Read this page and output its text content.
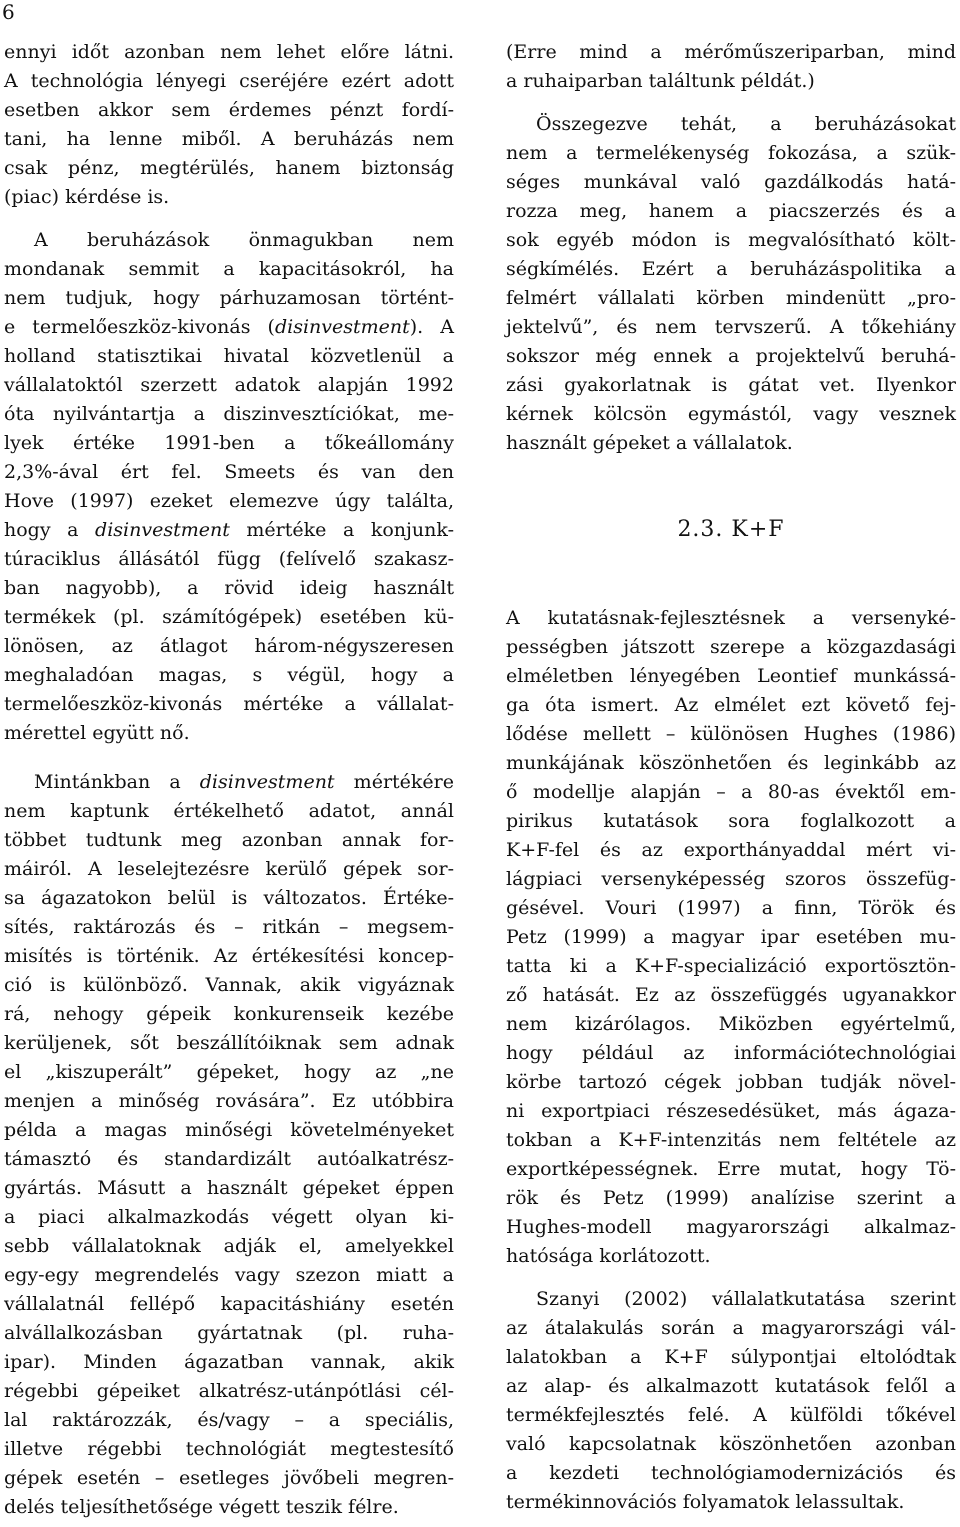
6
ennyi időt azonban nem lehet előre látni.
A technológia lényegi cseréjére ezért adott
esetben akkor sem érdemes pénzt fordí-
tani, ha lenne miből. A beruházás nem
csak pénz, megtérülés, hanem biztonság
(piac) kérdése is.
A beruházások önmagukban nem
mondanak semmit a kapacitásokról, ha
nem tudjuk, hogy párhuzamosan történt-
e termelőeszköz-kivonás (disinvestment). A
holland statisztikai hivatal közvetlenül a
vállalatoktól szerzett adatok alapján 1992
óta nyilvántartja a diszinvesztíciókat, me-
lyek értéke 1991-ben a tőkeállomány
2,3%-ával ért fel. Smeets és van den
Hove (1997) ezeket elemezve úgy találta,
hogy a disinvestment mértéke a konjunk-
túraciklus állásától függ (felívelő szakasz-
ban nagyobb), a rövid ideig használt
termékek (pl. számítógépek) esetében kü-
lönösen, az átlagot három-négyszeresen
meghaladóan magas, s végül, hogy a
termelőeszköz-kivonás mértéke a vállalat-
mérettel együtt nő.
Mintánkban a disinvestment mértékére
nem kaptunk értékelhető adatot, annál
többet tudtunk meg azonban annak for-
máiról. A leselejtezésre kerülő gépek sor-
sa ágazatokon belül is változatos. Értéke-
sítés, raktározás és – ritkán – megsem-
misítés is történik. Az értékesítési koncep-
ció is különböző. Vannak, akik vigyáznak
rá, nehogy gépeik konkurenseik kezébe
kerüljenek, sőt beszállítóiknak sem adnak
el „kiszuperált” gépeket, hogy az „ne
menjen a minőség rovására”. Ez utóbbira
példa a magas minőségi követelményeket
támasztó és standardizált autóalkatrész-
gyártás. Másutt a használt gépeket éppen
a piaci alkalmazkodás végett olyan ki-
sebb vállalatoknak adják el, amelyekkel
egy-egy megrendelés vagy szezon miatt a
vállalatnál fellépő kapacitáshiány esetén
alvállalkozásban gyártatnak (pl. ruha-
ipar). Minden ágazatban vannak, akik
régebbi gépeiket alkatrész-utánpótlási cél-
lal raktározzák, és/vagy – a speciális,
illetve régebbi technológiát megtestesítő
gépek esetén – esetleges jövőbeli megren-
delés teljesíthetősége végett teszik félre.
(Erre mind a mérőműszeriparban, mind
a ruhaiparban találtunk példát.)
Összegezve tehát, a beruházásokat
nem a termelékenység fokozása, a szük-
séges munkával való gazdálkodás hatá-
rozza meg, hanem a piacszerzés és a
sok egyéb módon is megvalósítható költ-
ségkímélés. Ezért a beruházáspolitika a
felmért vállalati körben mindenütt „pro-
jektelvű”, és nem tervszerű. A tőkehiány
sokszor még ennek a projektelvű beruhá-
zási gyakorlatnak is gátat vet. Ilyenkor
kérnek kölcsön egymástól, vagy vesznek
használt gépeket a vállalatok.
2.3. K+F
A kutatásnak-fejlesztésnek a versenyké-
pességben játszott szerepe a közgazdasági
elméletben lényegében Leontief munkássá-
ga óta ismert. Az elmélet ezt követő fej-
lődése mellett – különösen Hughes (1986)
munkájának köszönhetően és leginkább az
ő modellje alapján – a 80-as évektől em-
pirikus kutatások sora foglalkozott a
K+F-fel és az exporthányaddal mért vi-
lágpiaci versenyképesség szoros összefüg-
gésével. Vouri (1997) a finn, Török és
Petz (1999) a magyar ipar esetében mu-
tatta ki a K+F-specializáció exportösztön-
ző hatását. Ez az összefüggés ugyanakkor
nem kizárólagos. Miközben egyértelmű,
hogy például az információtechnológiai
körbe tartozó cégek jobban tudják növel-
ni exportpiaci részesedésüket, más ágaza-
tokban a K+F-intenzitás nem feltétele az
exportképességnek. Erre mutat, hogy Tö-
rök és Petz (1999) analízise szerint a
Hughes-modell magyarországi alkalmaz-
hatósága korlátozott.
Szanyi (2002) vállalatkutatása szerint
az átalakulás során a magyarországi vál-
lalatokban a K+F súlypontjai eltolódtak
az alap- és alkalmazott kutatások felől a
termékfejlesztés felé. A külföldi tőkével
való kapcsolatnak köszönhetően azonban
a kezdeti technológiamodernizációs és
termékinnovációs folyamatok lelassultak.
